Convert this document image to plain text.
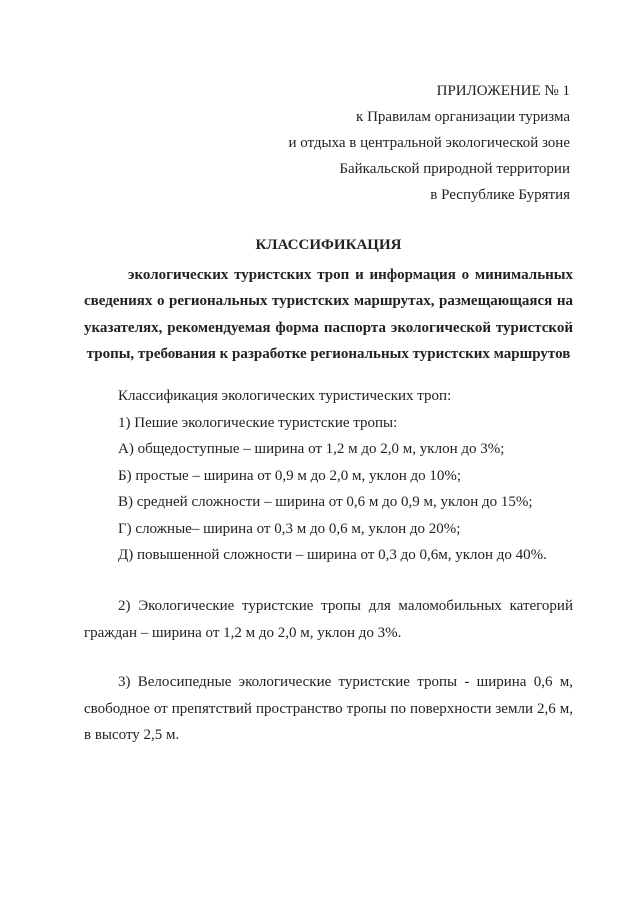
ПРИЛОЖЕНИЕ № 1
к Правилам организации туризма
и отдыха в центральной экологической зоне
Байкальской природной территории
в Республике Бурятия
КЛАССИФИКАЦИЯ
экологических туристских троп и информация о минимальных сведениях о региональных туристских маршрутах, размещающаяся на указателях, рекомендуемая форма паспорта экологической туристской тропы, требования к разработке региональных туристских маршрутов
Классификация экологических туристических троп:
1) Пешие экологические туристские тропы:
А) общедоступные – ширина от 1,2 м до 2,0 м, уклон до 3%;
Б) простые – ширина от 0,9 м до 2,0 м, уклон до 10%;
В) средней сложности – ширина от 0,6 м до 0,9 м, уклон до 15%;
Г) сложные– ширина от 0,3 м до 0,6 м, уклон до 20%;
Д) повышенной сложности – ширина от 0,3 до 0,6м, уклон до 40%.
2) Экологические туристские тропы для маломобильных категорий граждан – ширина от 1,2 м до 2,0 м, уклон до 3%.
3) Велосипедные экологические туристские тропы - ширина 0,6 м, свободное от препятствий пространство тропы по поверхности земли 2,6 м, в высоту 2,5 м.
